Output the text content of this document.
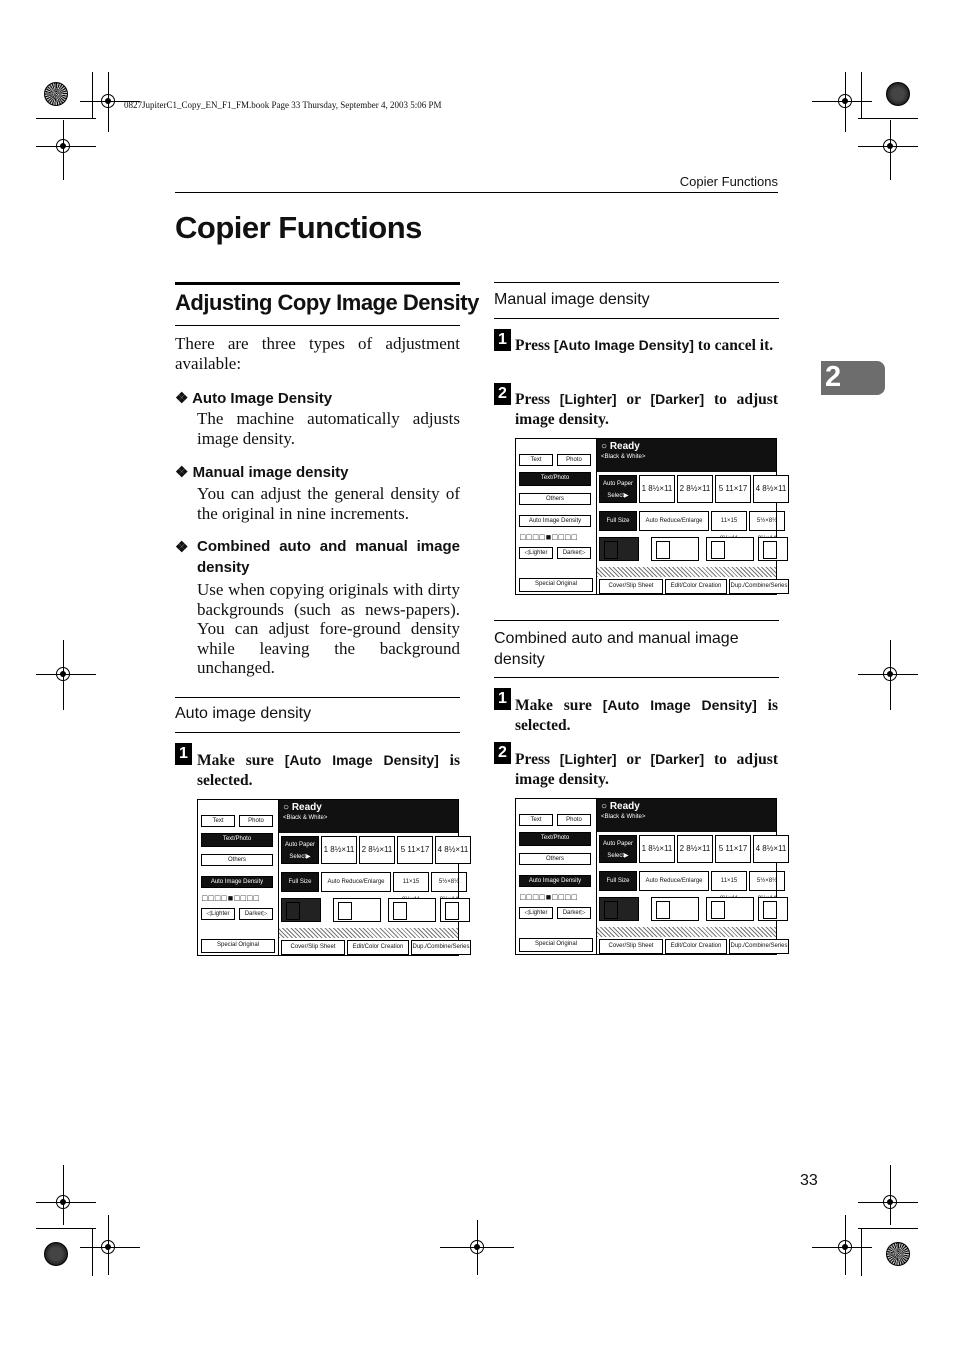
0827JupiterC1_Copy_EN_F1_FM.book Page 33 Thursday, September 4, 2003 5:06 PM
Copier Functions
Copier Functions
2
Adjusting Copy Image Density
There are three types of adjustment available:
❖ Auto Image Density
The machine automatically adjusts image density.
❖ Manual image density
You can adjust the general density of the original in nine increments.
❖ Combined auto and manual image density
Use when copying originals with dirty backgrounds (such as news-papers). You can adjust fore-ground density while leaving the background unchanged.
Auto image density
1 Make sure [Auto Image Density] is selected.
Manual image density
1 Press [Auto Image Density] to cancel it.
2 Press [Lighter] or [Darker] to adjust image density.
Combined auto and manual image density
1 Make sure [Auto Image Density] is selected.
2 Press [Lighter] or [Darker] to adjust image density.
Text	Photo
Text/Photo
Others
Auto Image Density
□□□□■□□□□
◁Lighter	Darker▷
Special Original
○ Ready
<Black & White>
Auto Paper Select▶
1 8½×11 2 8½×11	5 11×17	4 8½×11
Full Size	Auto Reduce/Enlarge	11×15	5½×8½
Cover/Slip Sheet	Edit/Color Creation	Dup./Combine/Series
Text	Photo
Text/Photo
Others
Auto Image Density
□□□□■□□□□
◁Lighter	Darker▷
Special Original
○ Ready
<Black & White>
Auto Paper Select▶
1 8½×11 2 8½×11	5 11×17	4 8½×11
Full Size	Auto Reduce/Enlarge	11×15	5½×8½
Cover/Slip Sheet	Edit/Color Creation	Dup./Combine/Series
Text	Photo
Text/Photo
Others
Auto Image Density
□□□□■□□□□
◁Lighter	Darker▷
Special Original
○ Ready
<Black & White>
Auto Paper Select▶
1 8½×11 2 8½×11	5 11×17	4 8½×11
Full Size	Auto Reduce/Enlarge	11×15	5½×8½
Cover/Slip Sheet	Edit/Color Creation	Dup./Combine/Series
33
